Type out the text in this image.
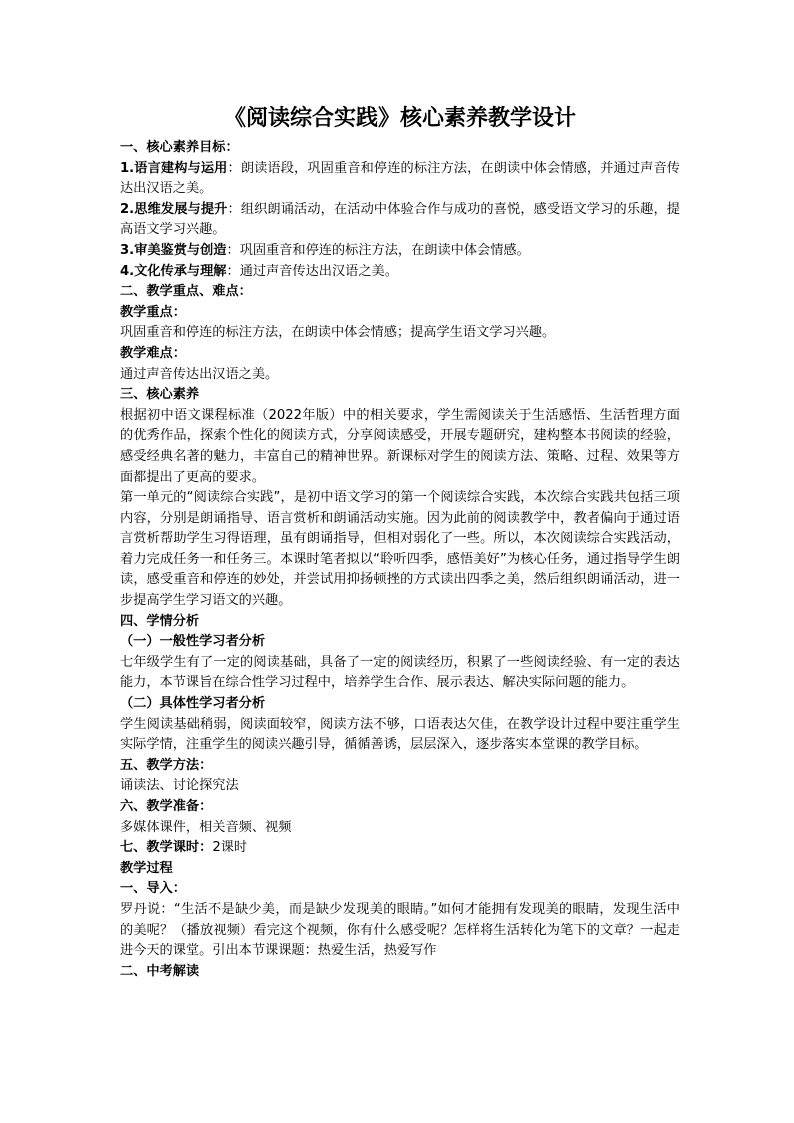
《阅读综合实践》核心素养教学设计
一、核心素养目标：
1.语言建构与运用：朗读语段，巩固重音和停连的标注方法，在朗读中体会情感，并通过声音传达出汉语之美。
2.思维发展与提升：组织朗诵活动，在活动中体验合作与成功的喜悦，感受语文学习的乐趣，提高语文学习兴趣。
3.审美鉴赏与创造：巩固重音和停连的标注方法，在朗读中体会情感。
4.文化传承与理解：通过声音传达出汉语之美。
二、教学重点、难点：
教学重点：
巩固重音和停连的标注方法，在朗读中体会情感；提高学生语文学习兴趣。
教学难点：
通过声音传达出汉语之美。
三、核心素养
根据初中语文课程标准（2022年版）中的相关要求，学生需阅读关于生活感悟、生活哲理方面的优秀作品，探索个性化的阅读方式，分享阅读感受，开展专题研究，建构整本书阅读的经验，感受经典名著的魅力，丰富自己的精神世界。新课标对学生的阅读方法、策略、过程、效果等方面都提出了更高的要求。
第一单元的“阅读综合实践”，是初中语文学习的第一个阅读综合实践，本次综合实践共包括三项内容，分别是朗诵指导、语言赏析和朗诵活动实施。因为此前的阅读教学中，教者偏向于通过语言赏析帮助学生习得语理，虽有朗诵指导，但相对弱化了一些。所以，本次阅读综合实践活动，着力完成任务一和任务三。本课时笔者拟以“聆听四季，感悟美好”为核心任务，通过指导学生朗读，感受重音和停连的妙处，并尝试用抑扬顿挫的方式读出四季之美，然后组织朗诵活动，进一步提高学生学习语文的兴趣。
四、学情分析
（一）一般性学习者分析
七年级学生有了一定的阅读基础，具备了一定的阅读经历，积累了一些阅读经验、有一定的表达能力，本节课旨在综合性学习过程中，培养学生合作、展示表达、解决实际问题的能力。
（二）具体性学习者分析
学生阅读基础稍弱，阅读面较窄，阅读方法不够，口语表达欠佳，在教学设计过程中要注重学生实际学情，注重学生的阅读兴趣引导，循循善诱，层层深入，逐步落实本堂课的教学目标。
五、教学方法：
诵读法、讨论探究法
六、教学准备：
多媒体课件，相关音频、视频
七、教学课时：2课时
教学过程
一、导入：
罗丹说：“生活不是缺少美，而是缺少发现美的眼睛。”如何才能拥有发现美的眼睛，发现生活中的美呢？（播放视频）看完这个视频，你有什么感受呢？怎样将生活转化为笔下的文章？一起走进今天的课堂。引出本节课课题：热爱生活，热爱写作
二、中考解读
